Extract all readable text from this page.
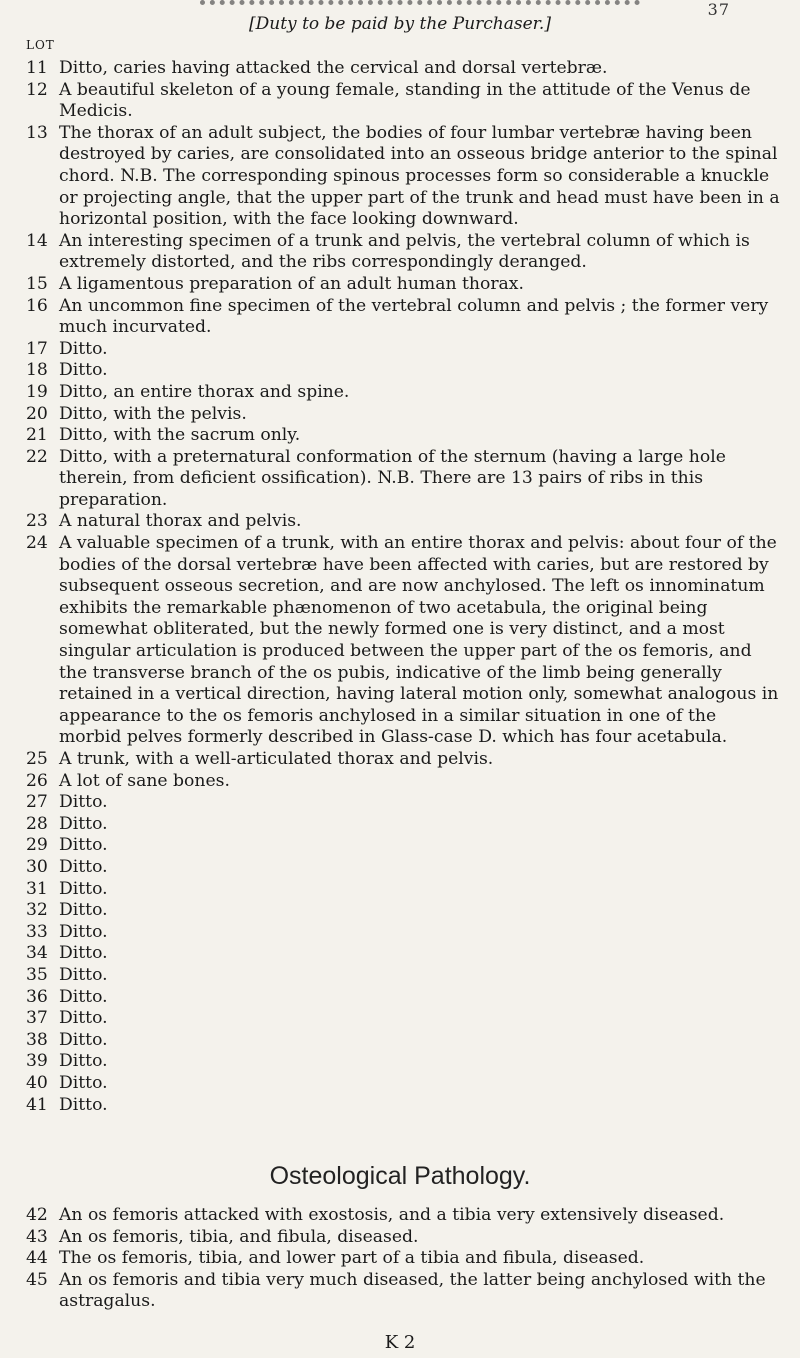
37
[Duty to be paid by the Purchaser.]
LOT
11 Ditto, caries having attacked the cervical and dorsal vertebræ.
12 A beautiful skeleton of a young female, standing in the attitude of the Venus de Medicis.
13 The thorax of an adult subject, the bodies of four lumbar vertebræ having been destroyed by caries, are consolidated into an osseous bridge anterior to the spinal chord. N.B. The corresponding spinous processes form so considerable a knuckle or projecting angle, that the upper part of the trunk and head must have been in a horizontal position, with the face looking downward.
14 An interesting specimen of a trunk and pelvis, the vertebral column of which is extremely distorted, and the ribs correspondingly deranged.
15 A ligamentous preparation of an adult human thorax.
16 An uncommon fine specimen of the vertebral column and pelvis ; the former very much incurvated.
17 Ditto.
18 Ditto.
19 Ditto, an entire thorax and spine.
20 Ditto, with the pelvis.
21 Ditto, with the sacrum only.
22 Ditto, with a preternatural conformation of the sternum (having a large hole therein, from deficient ossification). N.B. There are 13 pairs of ribs in this preparation.
23 A natural thorax and pelvis.
24 A valuable specimen of a trunk, with an entire thorax and pelvis: about four of the bodies of the dorsal vertebræ have been affected with caries, but are restored by subsequent osseous secretion, and are now anchylosed. The left os innominatum exhibits the remarkable phænomenon of two acetabula, the original being somewhat obliterated, but the newly formed one is very distinct, and a most singular articulation is produced between the upper part of the os femoris, and the transverse branch of the os pubis, indicative of the limb being generally retained in a vertical direction, having lateral motion only, somewhat analogous in appearance to the os femoris anchylosed in a similar situation in one of the morbid pelves formerly described in Glass-case D. which has four acetabula.
25 A trunk, with a well-articulated thorax and pelvis.
26 A lot of sane bones.
27 Ditto.
28 Ditto.
29 Ditto.
30 Ditto.
31 Ditto.
32 Ditto.
33 Ditto.
34 Ditto.
35 Ditto.
36 Ditto.
37 Ditto.
38 Ditto.
39 Ditto.
40 Ditto.
41 Ditto.
Osteological Pathology.
42 An os femoris attacked with exostosis, and a tibia very extensively diseased.
43 An os femoris, tibia, and fibula, diseased.
44 The os femoris, tibia, and lower part of a tibia and fibula, diseased.
45 An os femoris and tibia very much diseased, the latter being anchylosed with the astragalus.
K 2
